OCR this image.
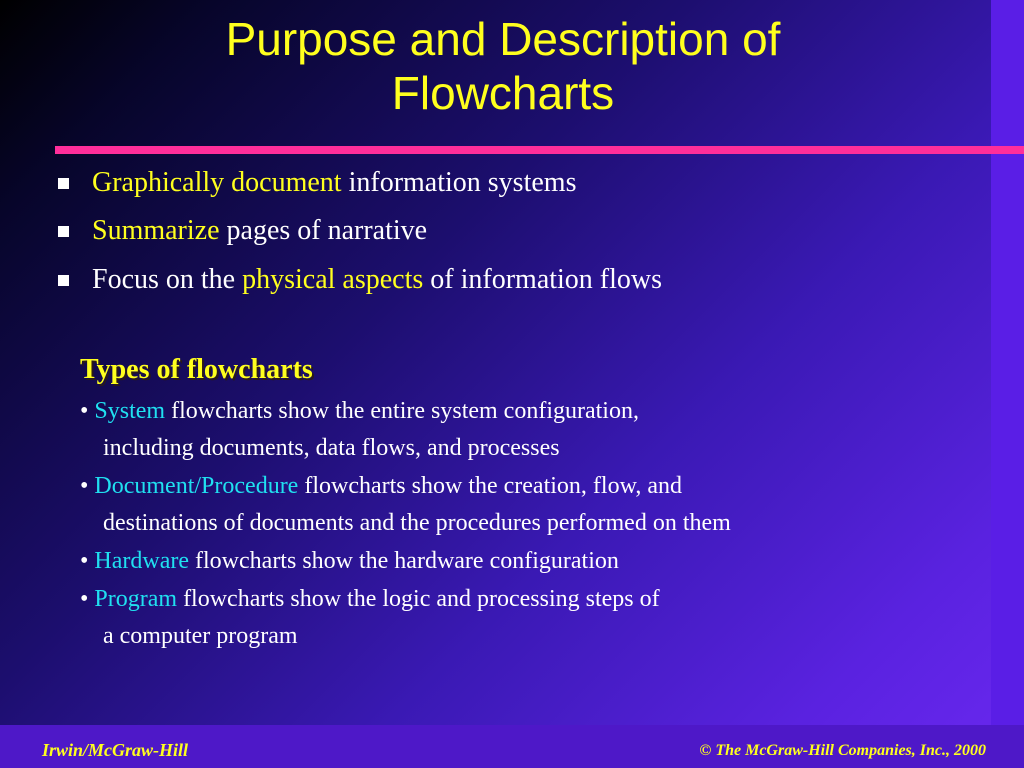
Purpose and Description of
Flowcharts
Graphically document information systems
Summarize pages of narrative
Focus on the physical aspects of information flows
Types of flowcharts
• System flowcharts show the entire system configuration,
including documents, data flows, and processes
• Document/Procedure flowcharts show the creation, flow, and
destinations of documents and the procedures performed on them
• Hardware flowcharts show the hardware configuration
• Program flowcharts show the logic and processing steps of
a computer program
Irwin/McGraw-Hill	© The McGraw-Hill Companies, Inc., 2000
